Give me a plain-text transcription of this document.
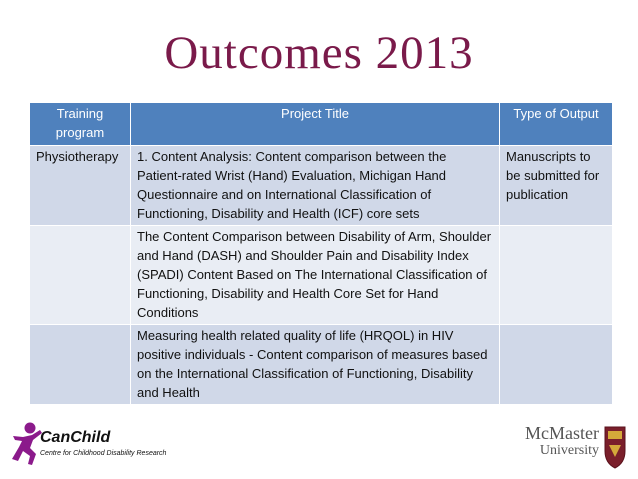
Outcomes 2013
Training program	Project Title	Type of Output
Physiotherapy	1. Content Analysis: Content comparison between the Patient-rated Wrist (Hand) Evaluation, Michigan Hand Questionnaire and on International Classification of Functioning, Disability and Health (ICF) core sets	Manuscripts to be submitted for publication
	The Content Comparison between Disability of Arm, Shoulder and Hand (DASH) and Shoulder Pain and Disability Index (SPADI) Content Based on The International Classification of Functioning, Disability and Health Core Set for Hand Conditions	
	Measuring health related quality of life (HRQOL) in HIV positive individuals - Content comparison of measures based on the International Classification of Functioning, Disability and Health	
CanChild
Centre for Childhood Disability Research
McMaster
University
